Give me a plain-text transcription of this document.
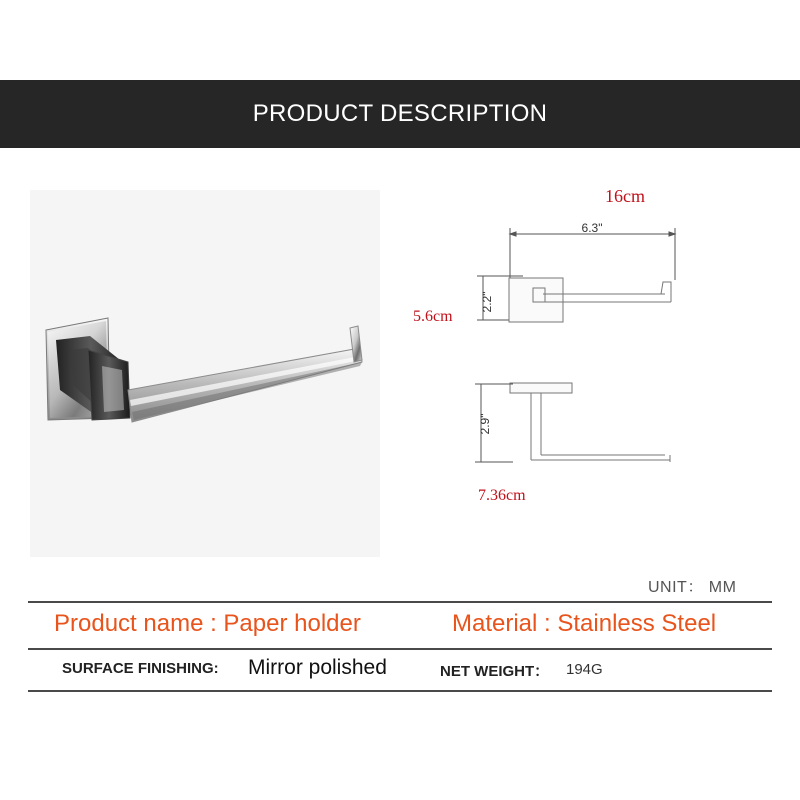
PRODUCT DESCRIPTION
16cm
5.6cm
7.36cm
6.3"
2.2"
2.9"
UNIT： MM
Product name : Paper holder	Material : Stainless Steel
SURFACE FINISHING: Mirror polished	NET WEIGHT： 194G
